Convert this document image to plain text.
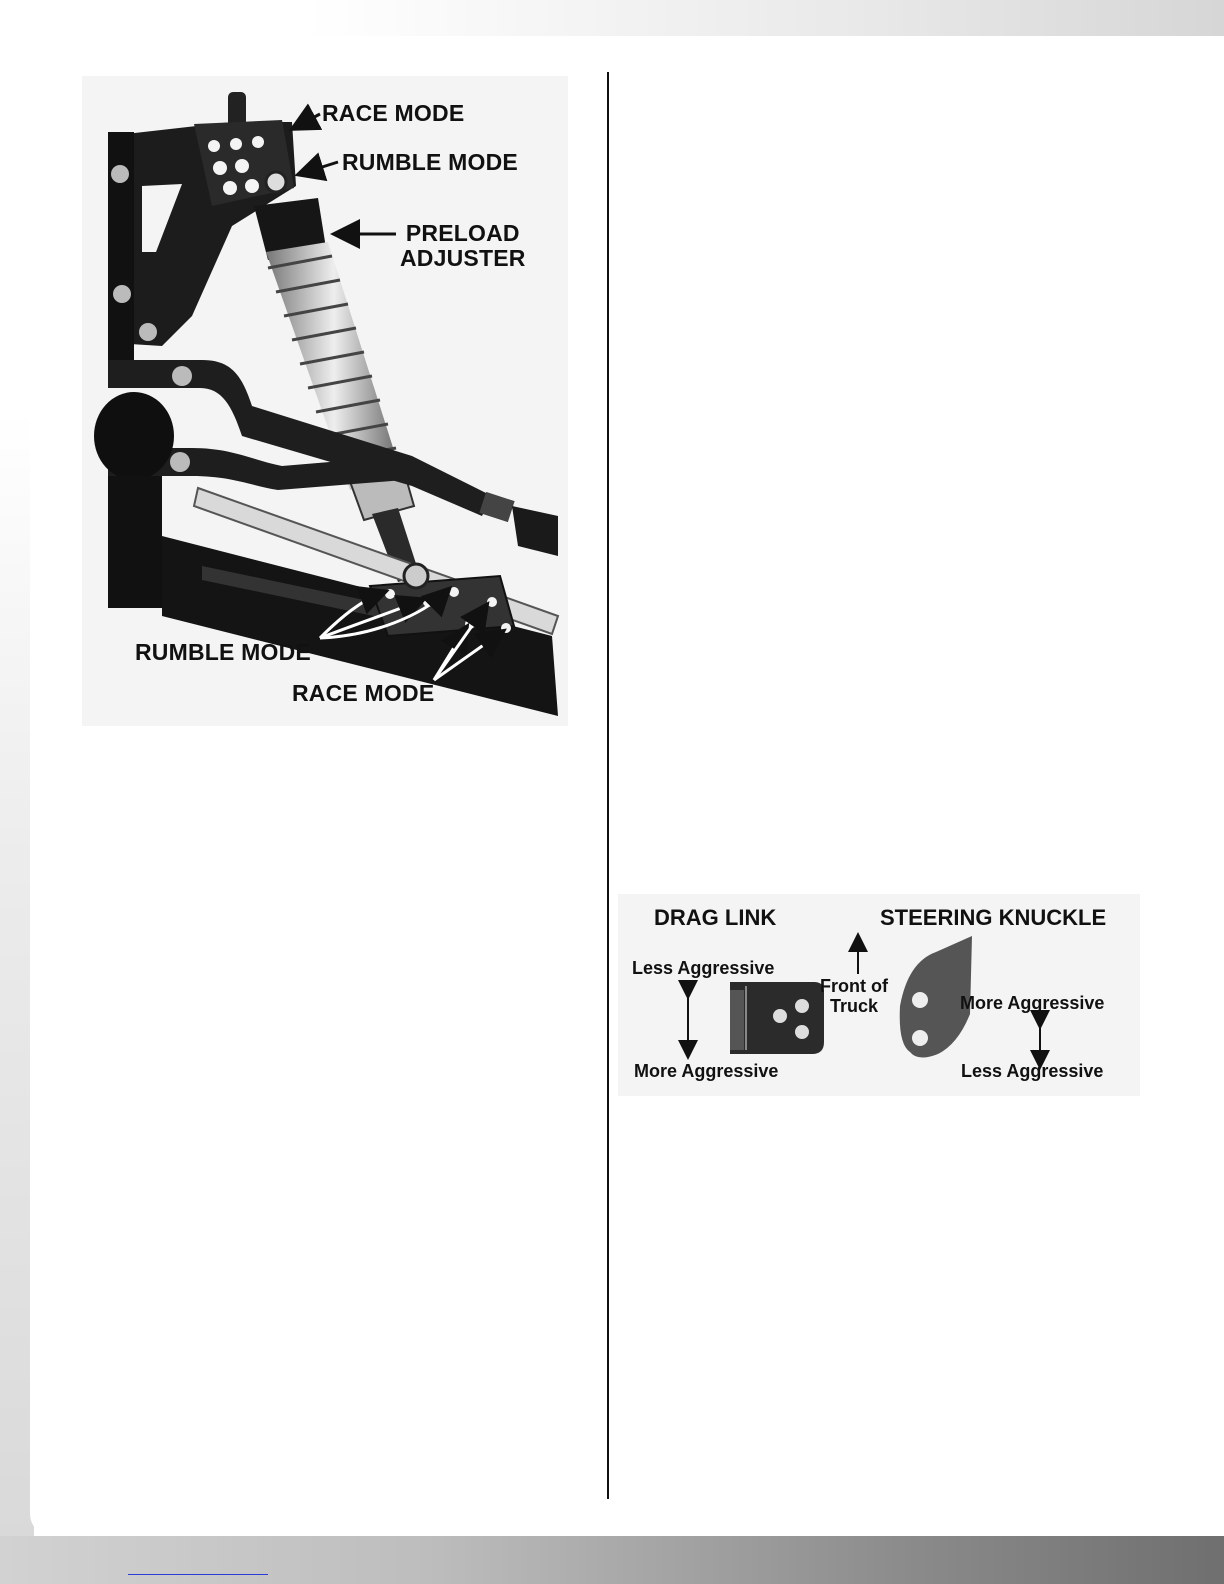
RACE MODE
RUMBLE MODE
PRELOAD
ADJUSTER
RUMBLE MODE
RACE MODE
DRAG LINK	STEERING KNUCKLE
Less Aggressive
More Aggressive
Front of
Truck	More Aggressive
Less Aggressive
